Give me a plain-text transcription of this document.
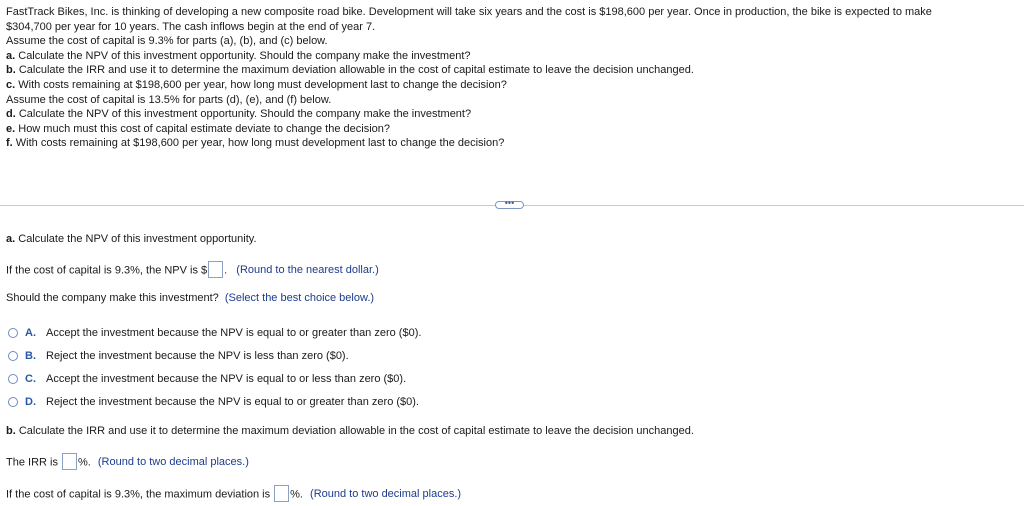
FastTrack Bikes, Inc. is thinking of developing a new composite road bike. Development will take six years and the cost is $198,600 per year. Once in production, the bike is expected to make
$304,700 per year for 10 years. The cash inflows begin at the end of year 7.
Assume the cost of capital is 9.3% for parts (a), (b), and (c) below.
a. Calculate the NPV of this investment opportunity. Should the company make the investment?
b. Calculate the IRR and use it to determine the maximum deviation allowable in the cost of capital estimate to leave the decision unchanged.
c. With costs remaining at $198,600 per year, how long must development last to change the decision?
Assume the cost of capital is 13.5% for parts (d), (e), and (f) below.
d. Calculate the NPV of this investment opportunity. Should the company make the investment?
e. How much must this cost of capital estimate deviate to change the decision?
f. With costs remaining at $198,600 per year, how long must development last to change the decision?
•••
a. Calculate the NPV of this investment opportunity.
If the cost of capital is 9.3%, the NPV is $ . (Round to the nearest dollar.)
Should the company make this investment? (Select the best choice below.)
A. Accept the investment because the NPV is equal to or greater than zero ($0).
B. Reject the investment because the NPV is less than zero ($0).
C. Accept the investment because the NPV is equal to or less than zero ($0).
D. Reject the investment because the NPV is equal to or greater than zero ($0).
b. Calculate the IRR and use it to determine the maximum deviation allowable in the cost of capital estimate to leave the decision unchanged.
The IRR is %. (Round to two decimal places.)
If the cost of capital is 9.3%, the maximum deviation is %. (Round to two decimal places.)
